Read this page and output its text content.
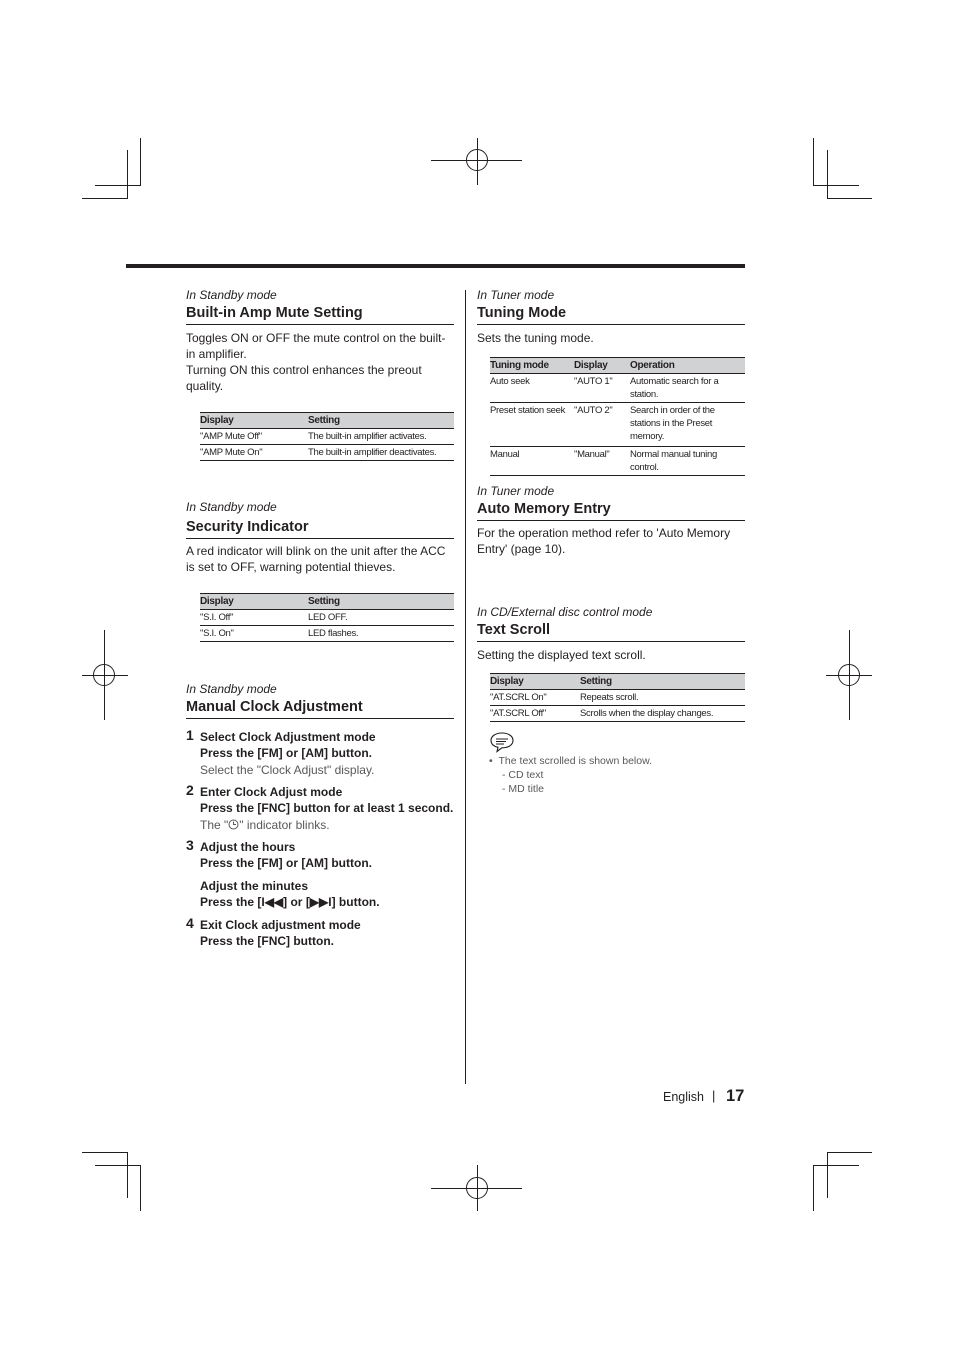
In Standby mode

Built-in Amp Mute Setting

Toggles ON or OFF the mute control on the built-in amplifier.

Turning ON this control enhances the preout quality.

Display	Setting
"AMP Mute Off"	The built-in amplifier activates.
"AMP Mute On"	The built-in amplifier deactivates.

In Standby mode

Security Indicator

A red indicator will blink on the unit after the ACC is set to OFF, warning potential thieves.

Display	Setting
"S.I. Off"	LED OFF.
"S.I. On"	LED flashes.

In Standby mode

Manual Clock Adjustment
1 Select Clock Adjustment mode
Press the [FM] or [AM] button.
Select the "Clock Adjust" display.
2 Enter Clock Adjust mode
Press the [FNC] button for at least 1 second.
The " " indicator blinks.
3 Adjust the hours
Press the [FM] or [AM] button.
Adjust the minutes
Press the [I◀◀] or [▶▶I] button.
4 Exit Clock adjustment mode
Press the [FNC] button.

In Tuner mode

Tuning Mode

Sets the tuning mode.

Tuning mode	Display	Operation
Auto seek	"AUTO 1"	Automatic search for a station.
Preset station seek	"AUTO 2"	Search in order of the stations in the Preset memory.
Manual	"Manual"	Normal manual tuning control.

In Tuner mode

Auto Memory Entry

For the operation method refer to 'Auto Memory Entry' (page 10).

In CD/External disc control mode

Text Scroll

Setting the displayed text scroll.

Display	Setting
"AT.SCRL On"	Repeats scroll.
"AT.SCRL Off"	Scrolls when the display changes.
•  The text scrolled is shown below.
- CD text
- MD title
English | 17
